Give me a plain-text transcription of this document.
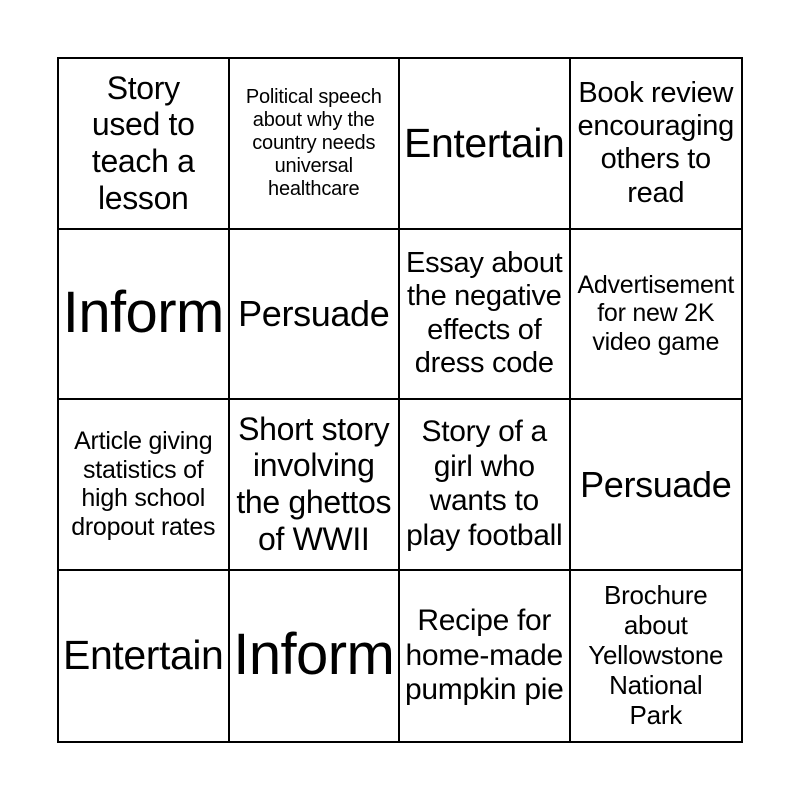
Story
used to
teach a
lesson
Political speech
about why the
country needs
universal
healthcare
Entertain
Book review
encouraging
others to
read
Inform Persuade
Essay about
the negative
effects of
dress code
Advertisement
for new 2K
video game
Article giving
statistics of
high school
dropout rates
Short story
involving
the ghettos
of WWII
Story of a
girl who
wants to
play football
Persuade
Entertain Inform
Recipe for
home-made
pumpkin pie
Brochure
about
Yellowstone
National
Park
